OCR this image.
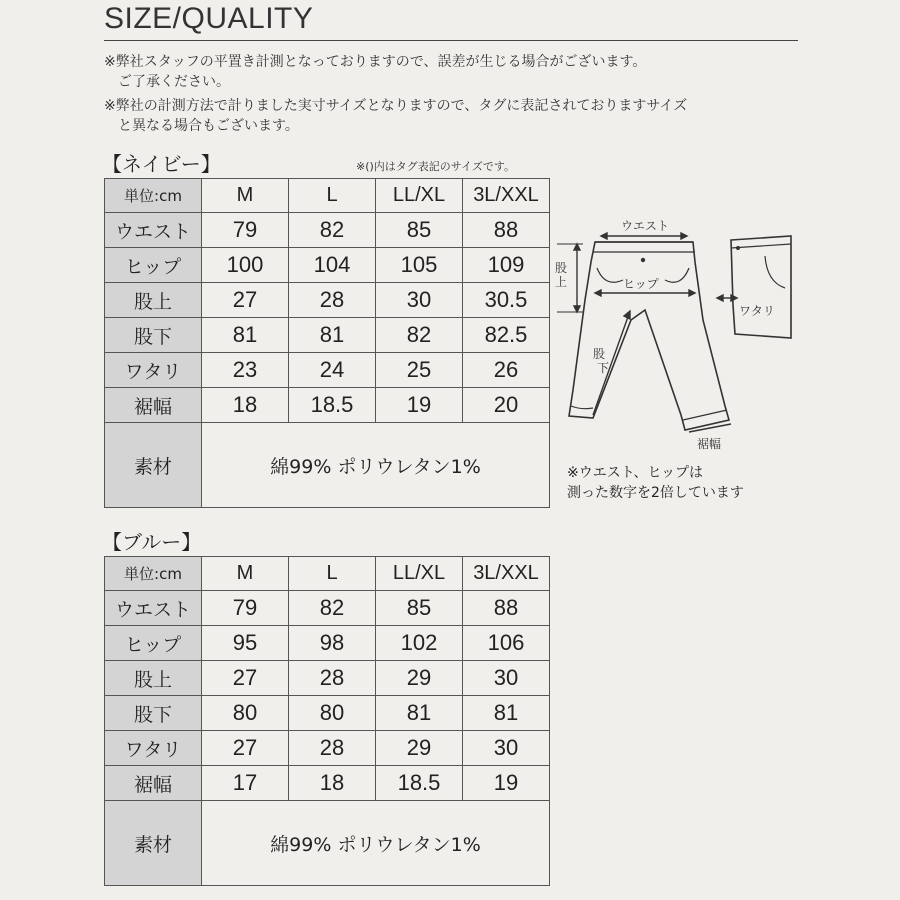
SIZE/QUALITY
※弊社スタッフの平置き計測となっておりますので、誤差が生じる場合がございます。
　ご了承ください。
※弊社の計測方法で計りました実寸サイズとなりますので、タグに表記されておりますサイズ
　と異なる場合もございます。
【ネイビー】	※()内はタグ表記のサイズです。
単位:cm	M	L	LL/XL	3L/XXL
ウエスト	79	82	85	88
ヒップ	100	104	105	109
股上	27	28	30	30.5
股下	81	81	82	82.5
ワタリ	23	24	25	26
裾幅	18	18.5	19	20
素材	綿99% ポリウレタン1%			
ウエスト
ヒップ
股
上
股
下
ワタリ
裾幅
※ウエスト、ヒップは
測った数字を2倍しています
【ブルー】
単位:cm	M	L	LL/XL	3L/XXL
ウエスト	79	82	85	88
ヒップ	95	98	102	106
股上	27	28	29	30
股下	80	80	81	81
ワタリ	27	28	29	30
裾幅	17	18	18.5	19
素材	綿99% ポリウレタン1%			
